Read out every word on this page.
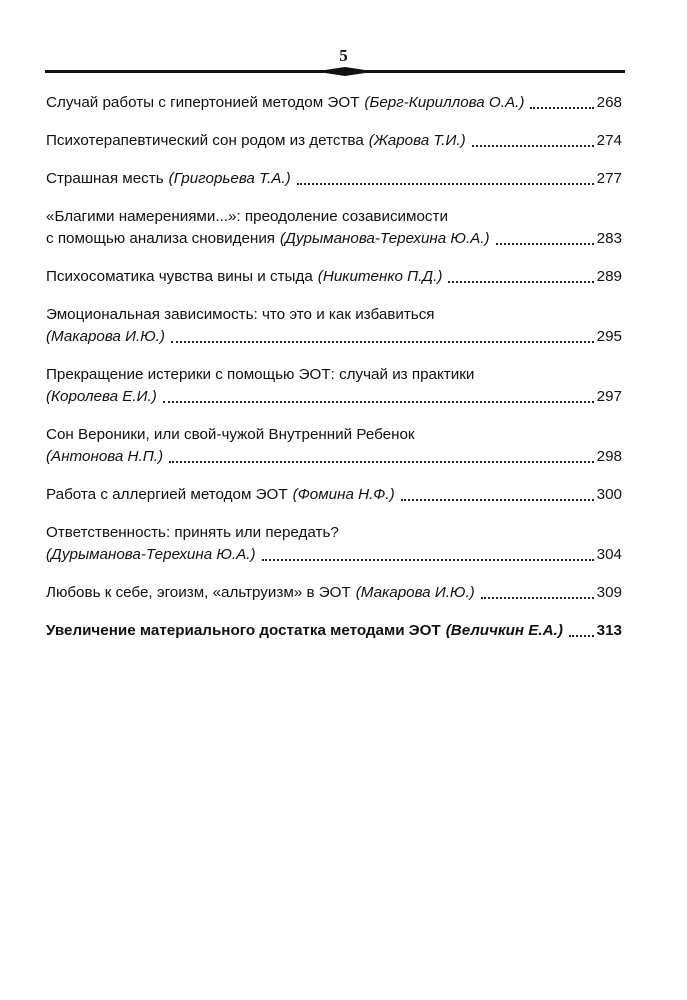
5
Случай работы с гипертонией методом ЭОТ (Берг-Кириллова О.А.)	268
Психотерапевтический сон родом из детства (Жарова Т.И.)	274
Страшная месть (Григорьева Т.А.)	277
«Благими намерениями...»: преодоление созависимости
с помощью анализа сновидения (Дурыманова-Терехина Ю.А.)	283
Психосоматика чувства вины и стыда (Никитенко П.Д.)	289
Эмоциональная зависимость: что это и как избавиться
(Макарова И.Ю.)	295
Прекращение истерики с помощью ЭОТ: случай из практики
(Королева Е.И.)	297
Сон Вероники, или свой-чужой Внутренний Ребенок
(Антонова Н.П.)	298
Работа с аллергией методом ЭОТ (Фомина Н.Ф.)	300
Ответственность: принять или передать?
(Дурыманова-Терехина Ю.А.)	304
Любовь к себе, эгоизм, «альтруизм» в ЭОТ (Макарова И.Ю.)	309
Увеличение материального достатка методами ЭОТ (Величкин Е.А.) 313
